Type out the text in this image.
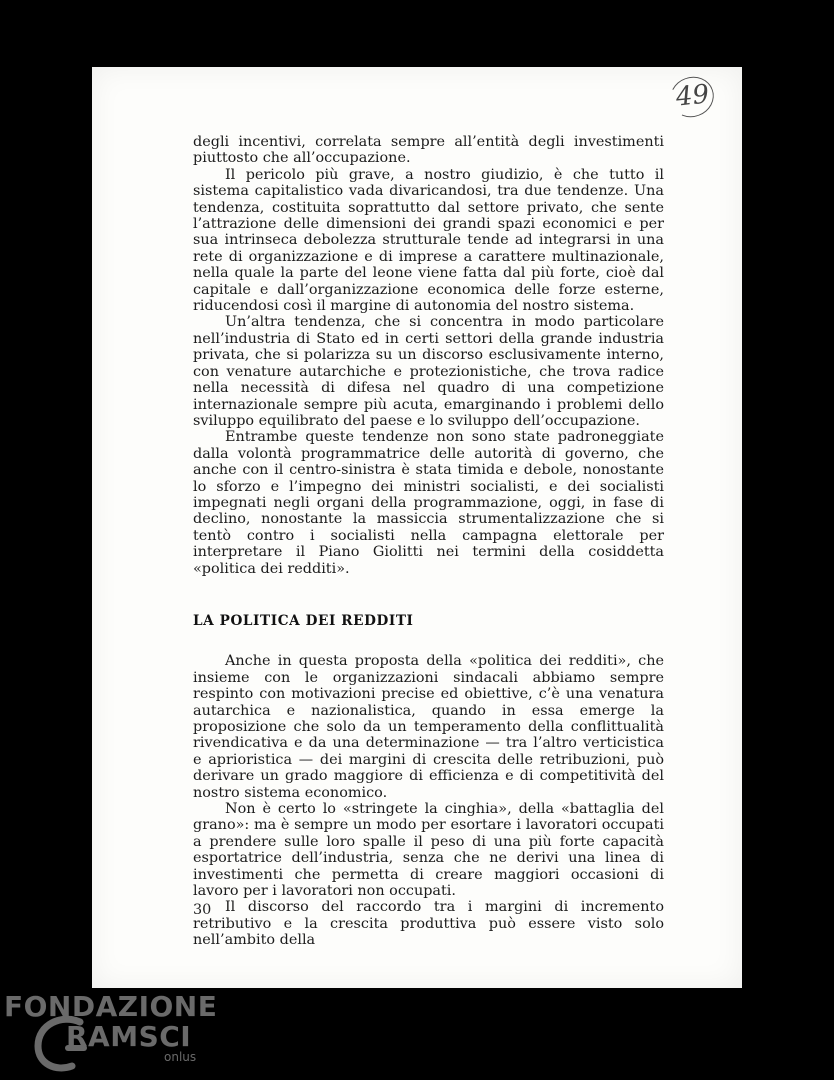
49

degli incentivi, correlata sempre all’entità degli investimenti piuttosto che all’occupazione.

Il pericolo più grave, a nostro giudizio, è che tutto il sistema capitalistico vada divaricandosi, tra due tendenze. Una tendenza, costituita soprattutto dal settore privato, che sente l’attrazione delle dimensioni dei grandi spazi economici e per sua intrinseca debolezza strutturale tende ad integrarsi in una rete di organizzazione e di imprese a carattere multinazionale, nella quale la parte del leone viene fatta dal più forte, cioè dal capitale e dall’organizzazione economica delle forze esterne, riducendosi così il margine di autonomia del nostro sistema.

Un’altra tendenza, che si concentra in modo particolare nell’industria di Stato ed in certi settori della grande industria privata, che si polarizza su un discorso esclusivamente interno, con venature autarchiche e protezionistiche, che trova radice nella necessità di difesa nel quadro di una competizione internazionale sempre più acuta, emarginando i problemi dello sviluppo equilibrato del paese e lo sviluppo dell’occupazione.

Entrambe queste tendenze non sono state padroneggiate dalla volontà programmatrice delle autorità di governo, che anche con il centro-sinistra è stata timida e debole, nonostante lo sforzo e l’impegno dei ministri socialisti, e dei socialisti impegnati negli organi della programmazione, oggi, in fase di declino, nonostante la massiccia strumentalizzazione che si tentò contro i socialisti nella campagna elettorale per interpretare il Piano Giolitti nei termini della cosiddetta «politica dei redditi».

LA POLITICA DEI REDDITI

Anche in questa proposta della «politica dei redditi», che insieme con le organizzazioni sindacali abbiamo sempre respinto con motivazioni precise ed obiettive, c’è una venatura autarchica e nazionalistica, quando in essa emerge la proposizione che solo da un temperamento della conflittualità rivendicativa e da una determinazione — tra l’altro verticistica e aprioristica — dei margini di crescita delle retribuzioni, può derivare un grado maggiore di efficienza e di competitività del nostro sistema economico.

Non è certo lo «stringete la cinghia», della «battaglia del grano»: ma è sempre un modo per esortare i lavoratori occupati a prendere sulle loro spalle il peso di una più forte capacità esportatrice dell’industria, senza che ne derivi una linea di investimenti che permetta di creare maggiori occasioni di lavoro per i lavoratori non occupati.

Il discorso del raccordo tra i margini di incremento retributivo e la crescita produttiva può essere visto solo nell’ambito della

30
FONDAZIONE
RAMSCI
onlus
